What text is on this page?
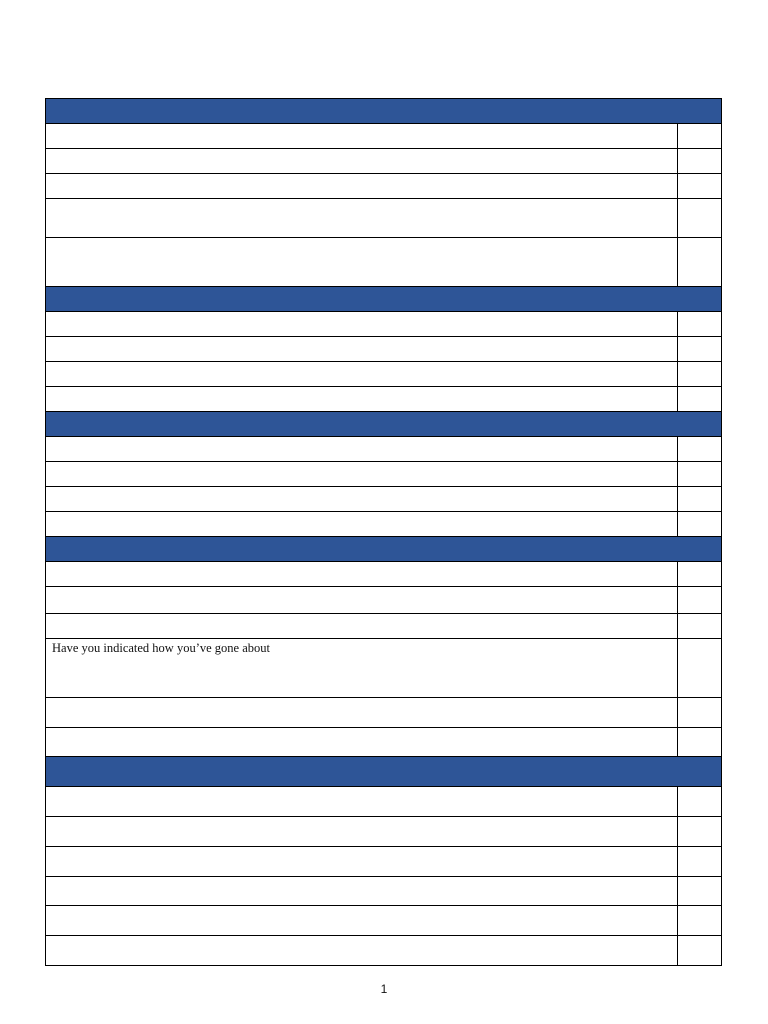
Have you indicated how you’ve gone about	

1
